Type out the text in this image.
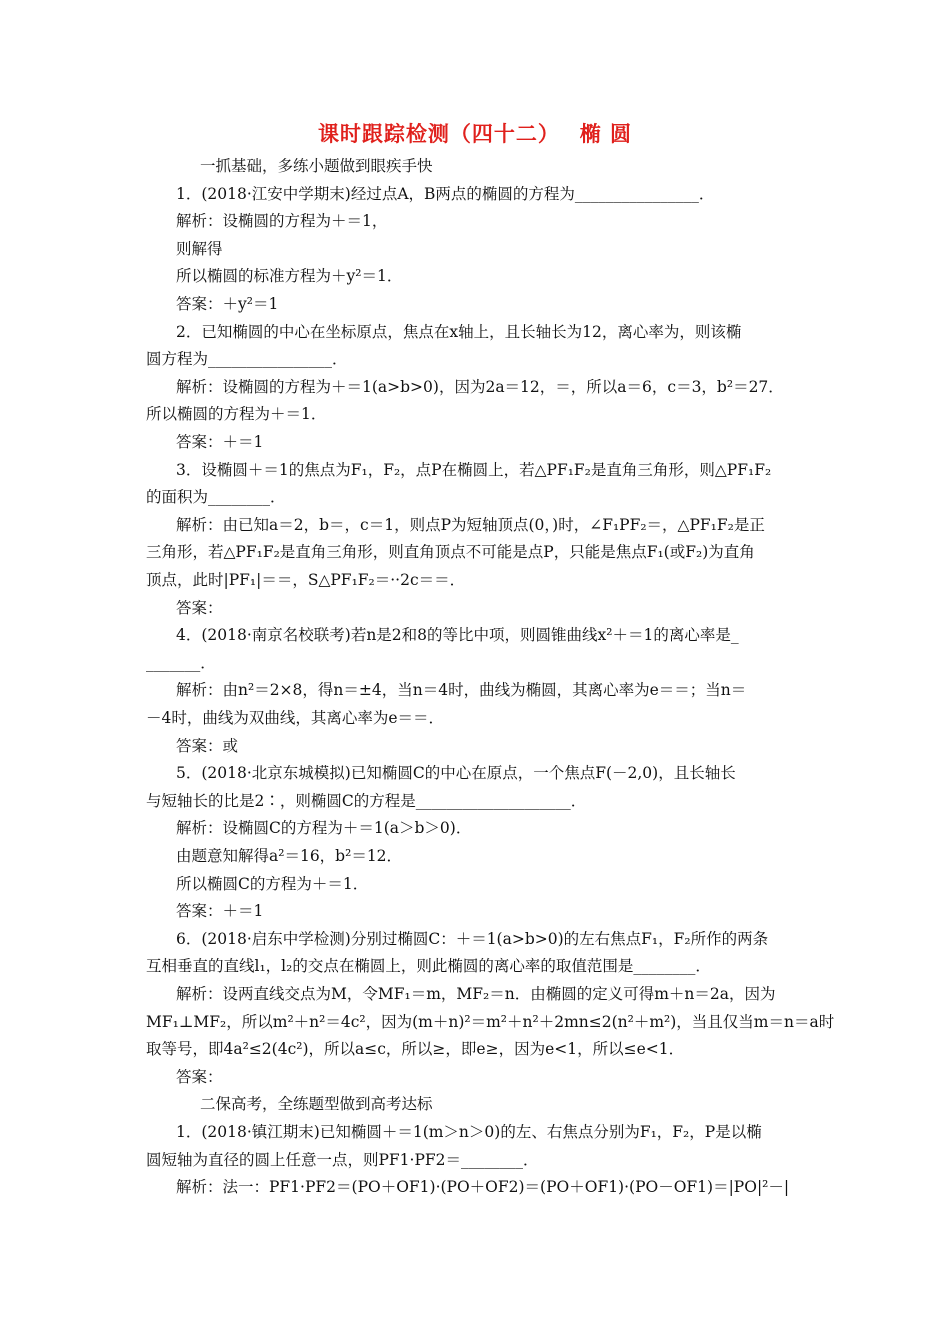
课时跟踪检测（四十二）　 椭 圆
一抓基础，多练小题做到眼疾手快
1．(2018·江安中学期末)经过点A，B两点的椭圆的方程为________________．
解析：设椭圆的方程为＋＝1，
则解得
所以椭圆的标准方程为＋y²＝1．
答案：＋y²＝1
2．已知椭圆的中心在坐标原点，焦点在x轴上，且长轴长为12，离心率为，则该椭
圆方程为________________．
解析：设椭圆的方程为＋＝1(a>b>0)，因为2a＝12，＝，所以a＝6，c＝3，b²＝27．
所以椭圆的方程为＋＝1．
答案：＋＝1
3．设椭圆＋＝1的焦点为F₁，F₂，点P在椭圆上，若△PF₁F₂是直角三角形，则△PF₁F₂
的面积为________．
解析：由已知a＝2，b＝，c＝1，则点P为短轴顶点(0，)时，∠F₁PF₂＝，△PF₁F₂是正
三角形，若△PF₁F₂是直角三角形，则直角顶点不可能是点P，只能是焦点F₁(或F₂)为直角
顶点，此时|PF₁|＝＝，S△PF₁F₂＝··2c＝＝．
答案：
4．(2018·南京名校联考)若n是2和8的等比中项，则圆锥曲线x²＋＝1的离心率是_
_______．
解析：由n²＝2×8，得n＝±4，当n＝4时，曲线为椭圆，其离心率为e＝＝；当n＝
－4时，曲线为双曲线，其离心率为e＝＝．
答案：或
5．(2018·北京东城模拟)已知椭圆C的中心在原点，一个焦点F(－2,0)，且长轴长
与短轴长的比是2∶，则椭圆C的方程是____________________．
解析：设椭圆C的方程为＋＝1(a＞b＞0)．
由题意知解得a²＝16，b²＝12．
所以椭圆C的方程为＋＝1．
答案：＋＝1
6．(2018·启东中学检测)分别过椭圆C：＋＝1(a>b>0)的左右焦点F₁，F₂所作的两条
互相垂直的直线l₁，l₂的交点在椭圆上，则此椭圆的离心率的取值范围是________．
解析：设两直线交点为M，令MF₁＝m，MF₂＝n．由椭圆的定义可得m＋n＝2a，因为
MF₁⊥MF₂，所以m²＋n²＝4c²，因为(m＋n)²＝m²＋n²＋2mn≤2(n²＋m²)，当且仅当m＝n＝a时
取等号，即4a²≤2(4c²)，所以a≤c，所以≥，即e≥，因为e<1，所以≤e<1．
答案：
二保高考，全练题型做到高考达标
1．(2018·镇江期末)已知椭圆＋＝1(m＞n＞0)的左、右焦点分别为F₁，F₂，P是以椭
圆短轴为直径的圆上任意一点，则PF1·PF2＝________．
解析：法一：PF1·PF2＝(PO＋OF1)·(PO＋OF2)＝(PO＋OF1)·(PO－OF1)＝|PO|²－|
